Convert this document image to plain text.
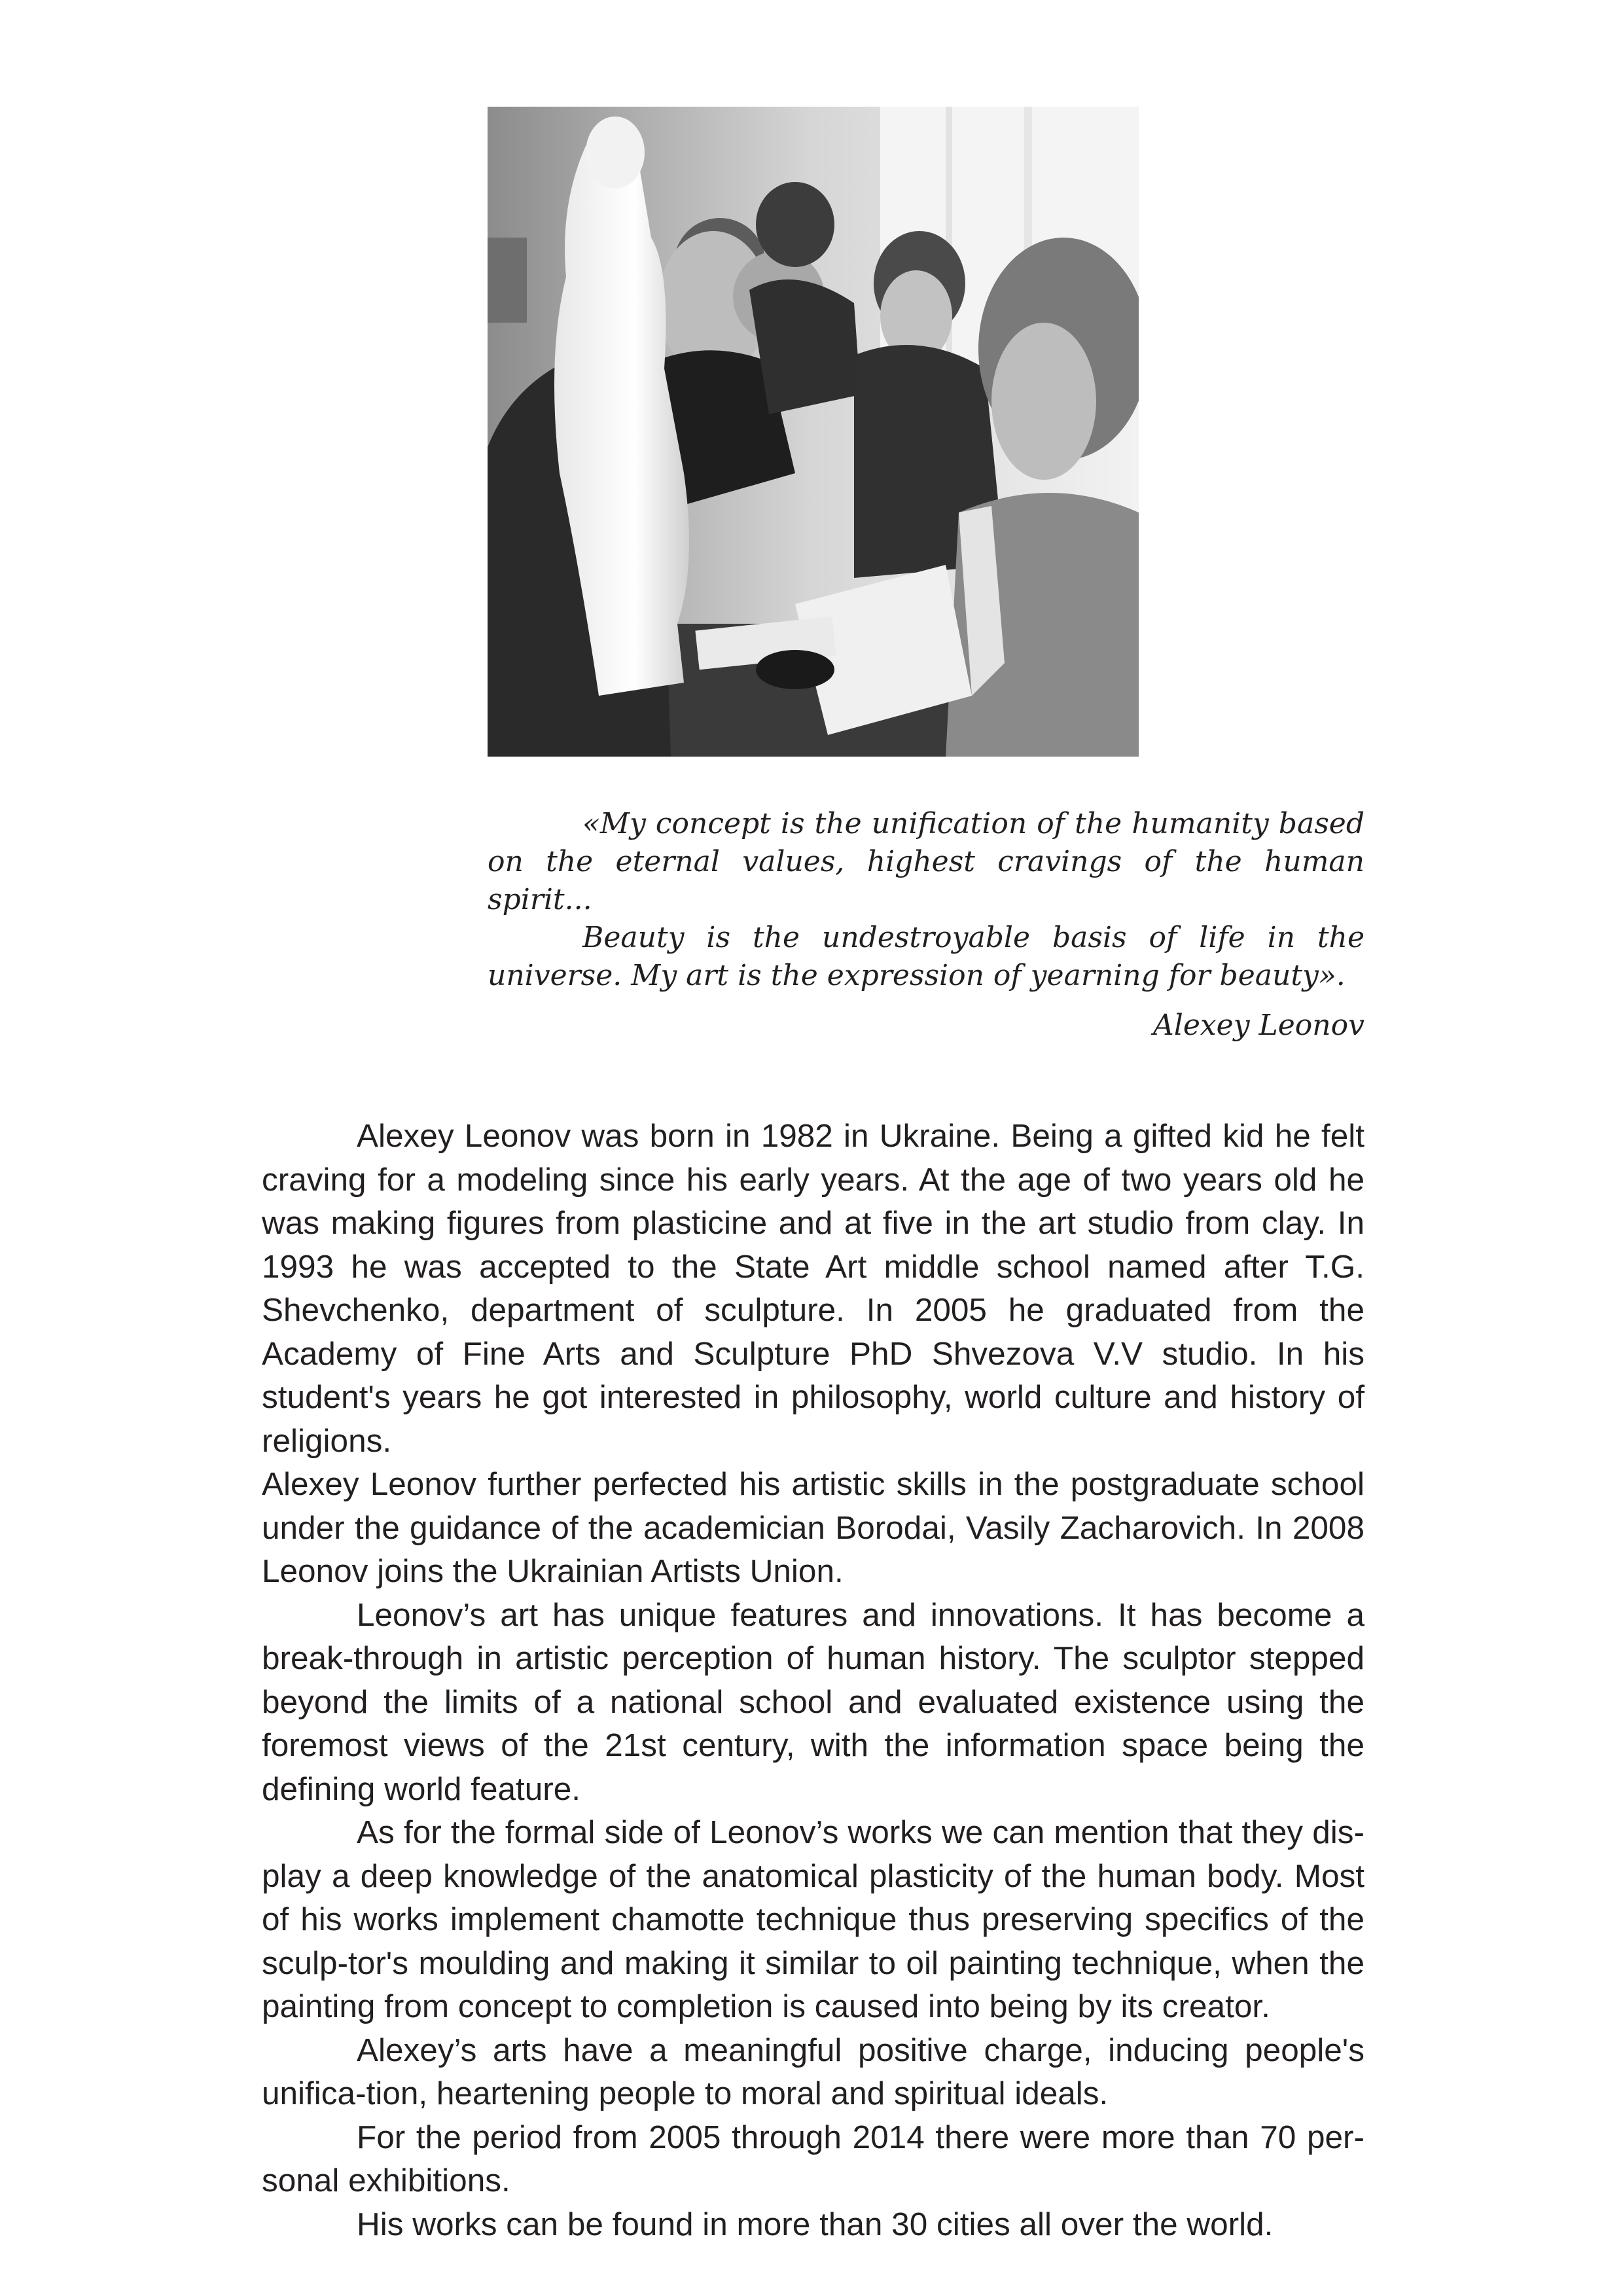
«My concept is the unification of the humanity based on the eternal values, highest cravings of the human spirit...

Beauty is the undestroyable basis of life in the universe. My art is the expression of yearning for beauty».

Alexey Leonov

Alexey Leonov was born in 1982 in Ukraine. Being a gifted kid he felt craving for a modeling since his early years. At the age of two years old he was making figures from plasticine and at five in the art studio from clay. In 1993 he was accepted to the State Art middle school named after T.G. Shevchenko, department of sculpture. In 2005 he graduated from the Academy of Fine Arts and Sculpture PhD Shvezova V.V studio. In his student's years he got interested in philosophy, world culture and history of religions.

Alexey Leonov further perfected his artistic skills in the postgraduate school under the guidance of the academician Borodai, Vasily Zacharovich. In 2008 Leonov joins the Ukrainian Artists Union.

Leonov’s art has unique features and innovations. It has become a break-through in artistic perception of human history. The sculptor stepped beyond the limits of a national school and evaluated existence using the foremost views of the 21st century, with the information space being the defining world feature.

As for the formal side of Leonov’s works we can mention that they dis-play a deep knowledge of the anatomical plasticity of the human body. Most of his works implement chamotte technique thus preserving specifics of the sculp-tor's moulding and making it similar to oil painting technique, when the painting from concept to completion is caused into being by its creator.

Alexey’s arts have a meaningful positive charge, inducing people's unifica-tion, heartening people to moral and spiritual ideals.

For the period from 2005 through 2014 there were more than 70 per-sonal exhibitions.

His works can be found in more than 30 cities all over the world.
